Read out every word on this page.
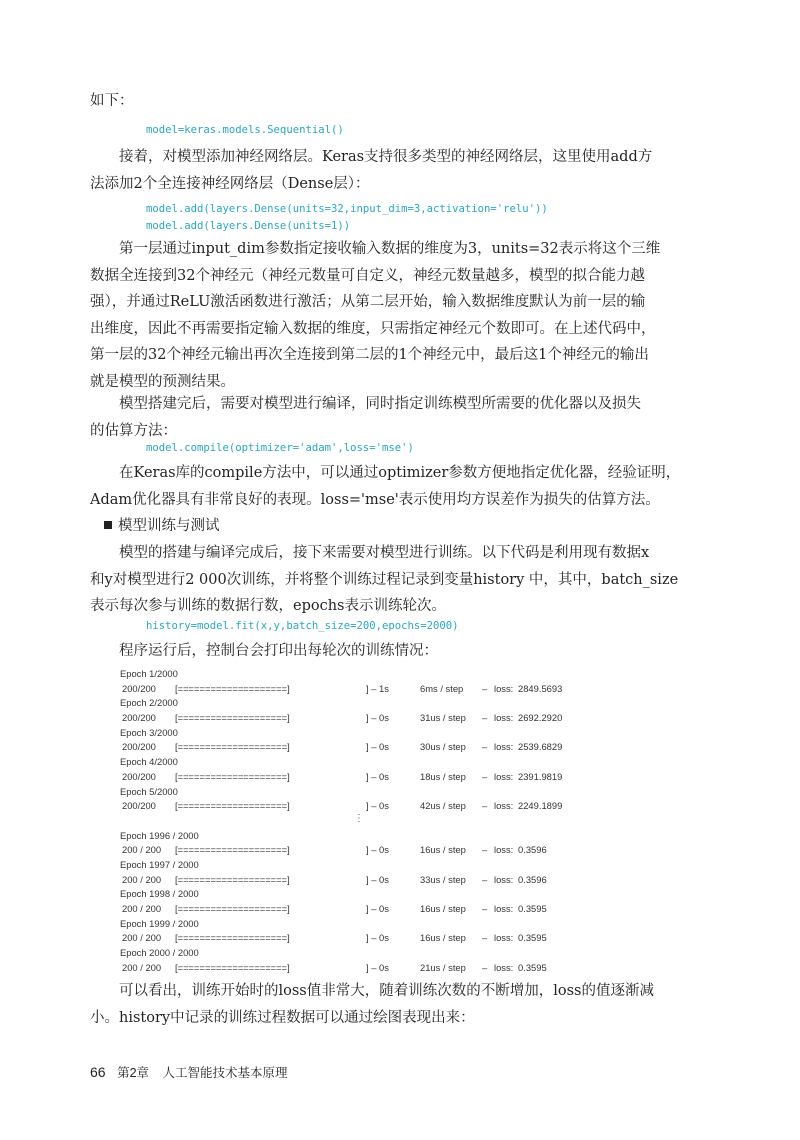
如下：
model=keras.models.Sequential()
接着，对模型添加神经网络层。Keras支持很多类型的神经网络层，这里使用add方
法添加2个全连接神经网络层（Dense层）：
model.add(layers.Dense(units=32,input_dim=3,activation='relu'))
model.add(layers.Dense(units=1))
第一层通过input_dim参数指定接收输入数据的维度为3，units=32表示将这个三维
数据全连接到32个神经元（神经元数量可自定义，神经元数量越多，模型的拟合能力越
强），并通过ReLU激活函数进行激活；从第二层开始，输入数据维度默认为前一层的输
出维度，因此不再需要指定输入数据的维度，只需指定神经元个数即可。在上述代码中，
第一层的32个神经元输出再次全连接到第二层的1个神经元中，最后这1个神经元的输出
就是模型的预测结果。
模型搭建完后，需要对模型进行编译，同时指定训练模型所需要的优化器以及损失
的估算方法：
model.compile(optimizer='adam',loss='mse')
在Keras库的compile方法中，可以通过optimizer参数方便地指定优化器，经验证明，
Adam优化器具有非常良好的表现。loss='mse'表示使用均方误差作为损失的估算方法。
模型训练与测试
模型的搭建与编译完成后，接下来需要对模型进行训练。以下代码是利用现有数据x
和y对模型进行2 000次训练，并将整个训练过程记录到变量history 中，其中，batch_size
表示每次参与训练的数据行数，epochs表示训练轮次。
history=model.fit(x,y,batch_size=200,epochs=2000)
程序运行后，控制台会打印出每轮次的训练情况：
Epoch 1/2000
200/200 [====================]	] – 1s	6ms / step – loss: 2849.5693
Epoch 2/2000
200/200 [====================]	] – 0s	31us / step – loss: 2692.2920
Epoch 3/2000
200/200 [====================]	] – 0s	30us / step – loss: 2539.6829
Epoch 4/2000
200/200 [====================]	] – 0s	18us / step – loss: 2391.9819
Epoch 5/2000
200/200 [====================]	] – 0s	42us / step – loss: 2249.1899
⋮
Epoch 1996 / 2000
200 / 200 [====================]	] – 0s	16us / step – loss: 0.3596
Epoch 1997 / 2000
200 / 200 [====================]	] – 0s	33us / step – loss: 0.3596
Epoch 1998 / 2000
200 / 200 [====================]	] – 0s	16us / step – loss: 0.3595
Epoch 1999 / 2000
200 / 200 [====================]	] – 0s	16us / step – loss: 0.3595
Epoch 2000 / 2000
200 / 200 [====================]	] – 0s	21us / step – loss: 0.3595
可以看出，训练开始时的loss值非常大，随着训练次数的不断增加，loss的值逐渐减
小。history中记录的训练过程数据可以通过绘图表现出来：
66 第2章 人工智能技术基本原理
